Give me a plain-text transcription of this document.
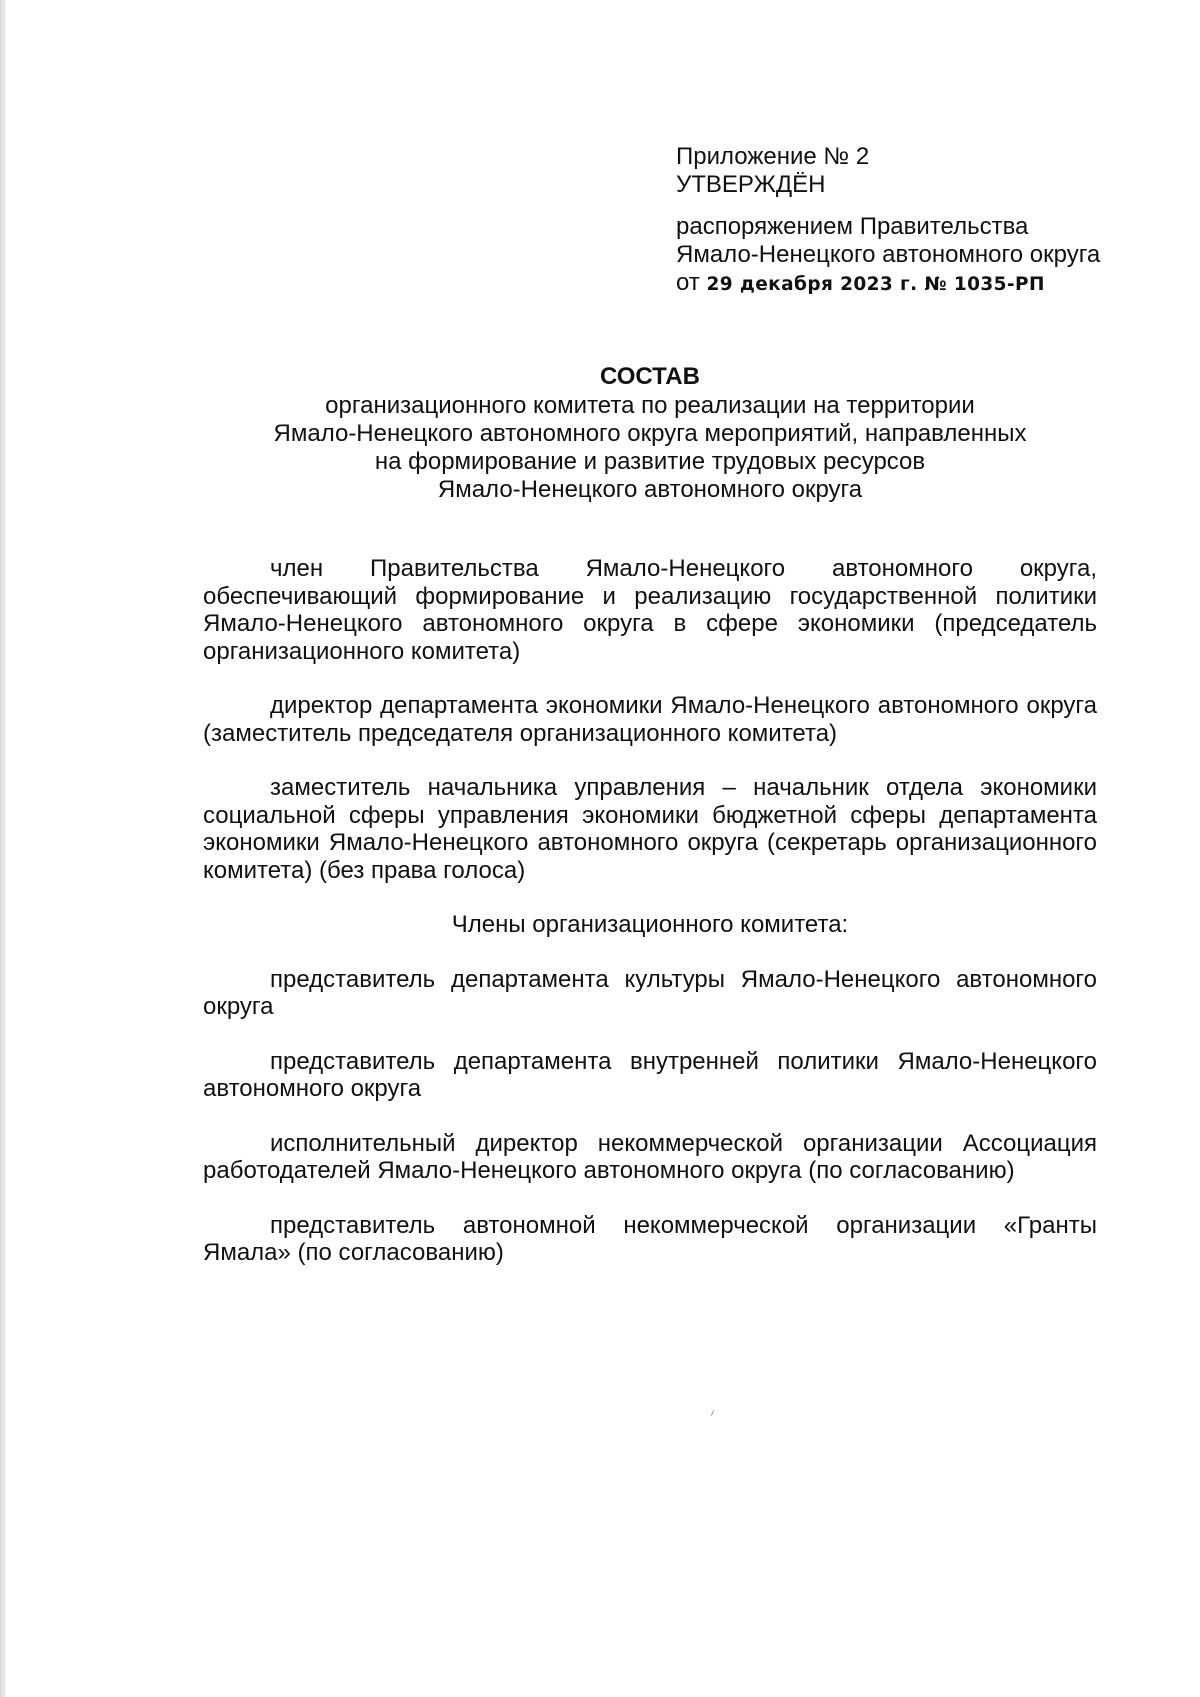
Приложение № 2
УТВЕРЖДЁН
распоряжением Правительства
Ямало-Ненецкого автономного округа
от 29 декабря 2023 г. № 1035-РП
СОСТАВ
организационного комитета по реализации на территории
Ямало-Ненецкого автономного округа мероприятий, направленных
на формирование и развитие трудовых ресурсов
Ямало-Ненецкого автономного округа

член Правительства Ямало-Ненецкого автономного округа, обеспечивающий формирование и реализацию государственной политики Ямало-Ненецкого автономного округа в сфере экономики (председатель организационного комитета)

директор департамента экономики Ямало-Ненецкого автономного округа (заместитель председателя организационного комитета)

заместитель начальника управления – начальник отдела экономики социальной сферы управления экономики бюджетной сферы департамента экономики Ямало-Ненецкого автономного округа (секретарь организационного комитета) (без права голоса)

Члены организационного комитета:

представитель департамента культуры Ямало-Ненецкого автономного округа

представитель департамента внутренней политики Ямало-Ненецкого автономного округа

исполнительный директор некоммерческой организации Ассоциация работодателей Ямало-Ненецкого автономного округа (по согласованию)

представитель автономной некоммерческой организации «Гранты Ямала» (по согласованию)
